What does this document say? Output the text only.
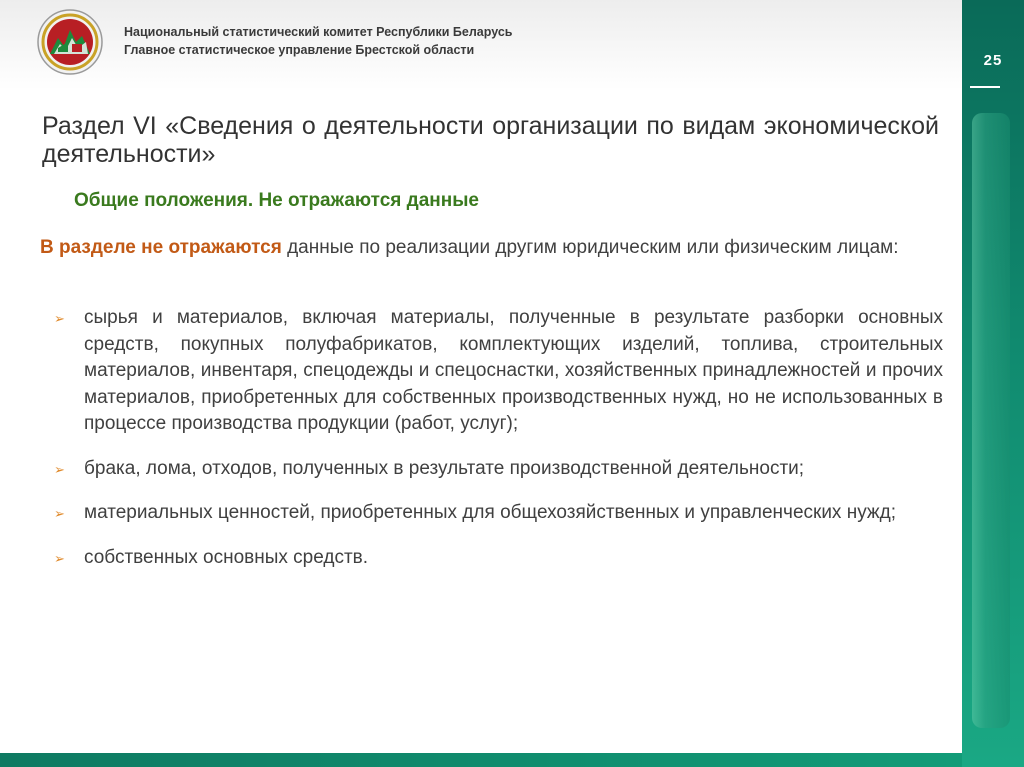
Национальный статистический комитет Республики Беларусь
Главное статистическое управление Брестской области
25
Раздел VI «Сведения о деятельности организации по видам экономической деятельности»
Общие положения. Не отражаются данные
В разделе не отражаются данные по реализации другим юридическим или физическим лицам:
➢ сырья и материалов, включая материалы, полученные в результате разборки основных средств, покупных полуфабрикатов, комплектующих изделий, топлива, строительных материалов, инвентаря, спецодежды и спецоснастки, хозяйственных принадлежностей и прочих материалов, приобретенных для собственных производственных нужд, но не использованных в процессе производства продукции (работ, услуг);
➢ брака, лома, отходов, полученных в результате производственной деятельности;
➢ материальных ценностей, приобретенных для общехозяйственных и управленческих нужд;
➢ собственных основных средств.
